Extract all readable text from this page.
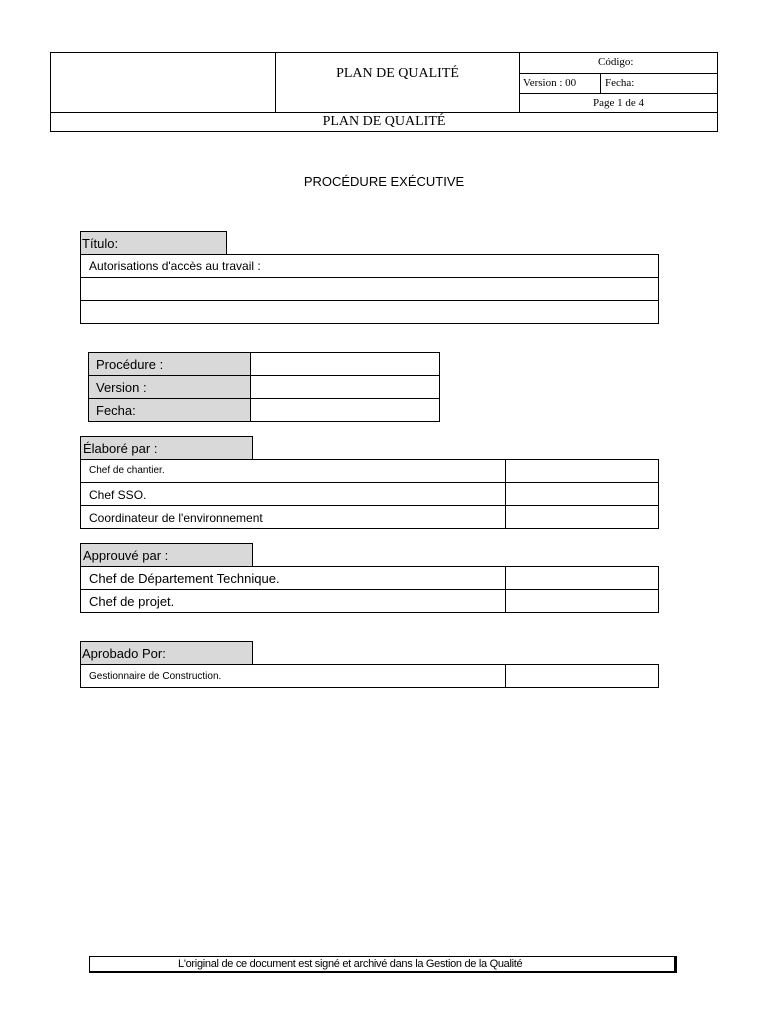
PLAN DE QUALITÉ
Código:
Version : 00	Fecha:
Page 1 de 4
PLAN DE QUALITÉ
PROCÉDURE EXÉCUTIVE
Título:
Autorisations d'accès au travail :
Procédure :
Version :
Fecha:
Élaboré par :
Chef de chantier.
Chef SSO.
Coordinateur de l'environnement
Approuvé par :
Chef de Département Technique.
Chef de projet.
Aprobado Por:
Gestionnaire de Construction.
L'original de ce document est signé et archivé dans la Gestion de la Qualité
